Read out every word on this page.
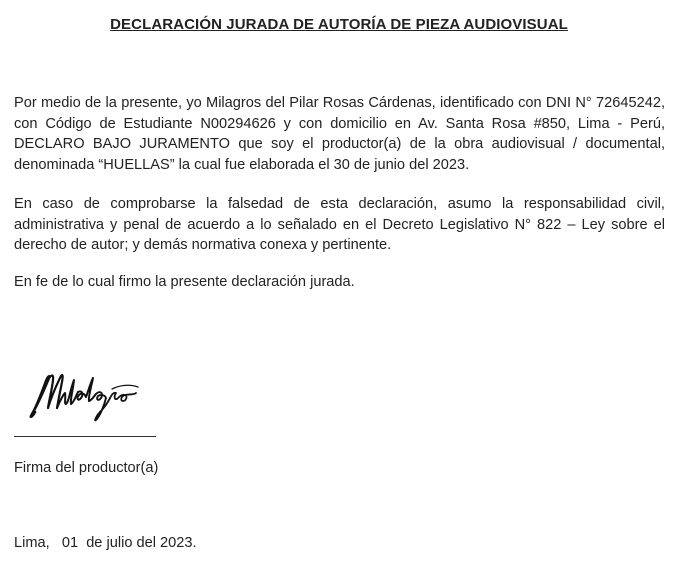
DECLARACIÓN JURADA DE AUTORÍA DE PIEZA AUDIOVISUAL

Por medio de la presente, yo Milagros del Pilar Rosas Cárdenas, identificado con DNI N° 72645242, con Código de Estudiante N00294626 y con domicilio en Av. Santa Rosa #850, Lima - Perú, DECLARO BAJO JURAMENTO que soy el productor(a) de la obra audiovisual / documental, denominada “HUELLAS” la cual fue elaborada el 30 de junio del 2023.

En caso de comprobarse la falsedad de esta declaración, asumo la responsabilidad civil, administrativa y penal de acuerdo a lo señalado en el Decreto Legislativo N° 822 – Ley sobre el derecho de autor; y demás normativa conexa y pertinente.

En fe de lo cual firmo la presente declaración jurada.

Firma del productor(a)
Lima,   01  de julio del 2023.
